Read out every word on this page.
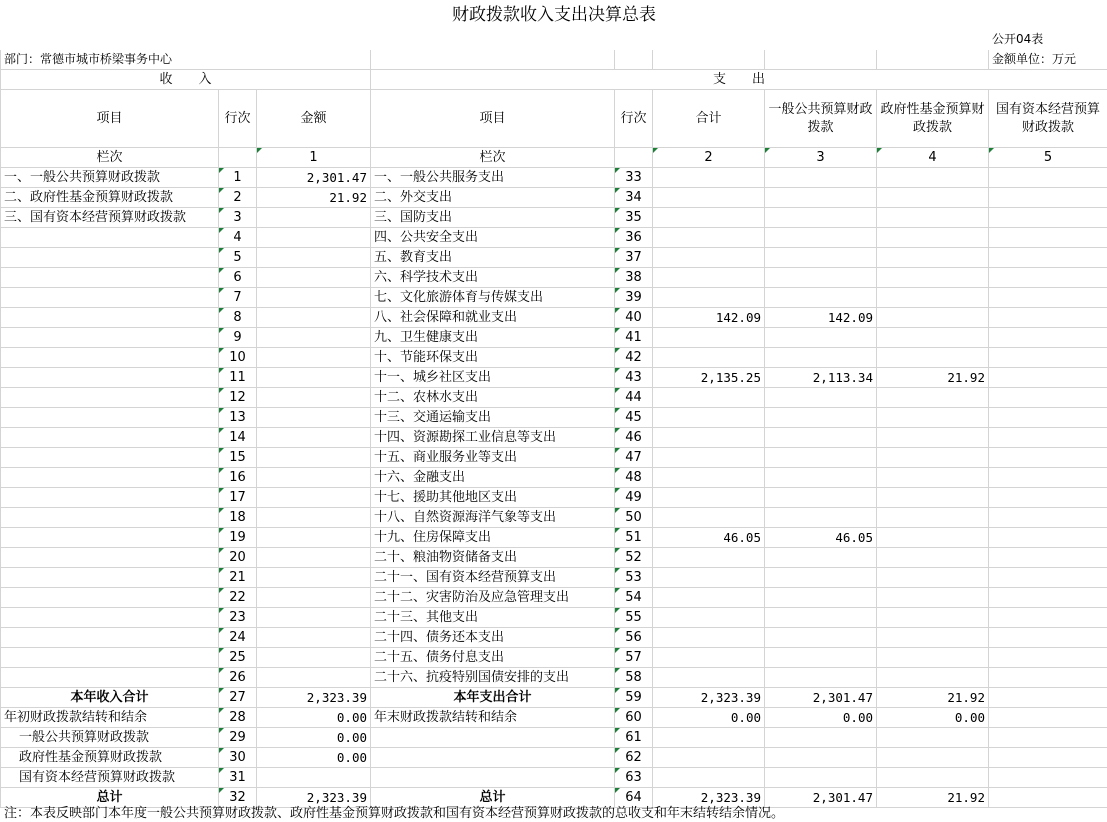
财政拨款收入支出决算总表								
								公开04表
部门：常德市城市桥梁事务中心								金额单位：万元
收　　入			支　　出					
项目	行次	金额	项目	行次	合计	一般公共预算财政拨款	政府性基金预算财政拨款	国有资本经营预算财政拨款
栏次		1	栏次		2	3	4	5
一、一般公共预算财政拨款	1	2,301.47	一、一般公共服务支出	33				
二、政府性基金预算财政拨款	2	21.92	二、外交支出	34				
三、国有资本经营预算财政拨款	3		三、国防支出	35				
	4		四、公共安全支出	36				
	5		五、教育支出	37				
	6		六、科学技术支出	38				
	7		七、文化旅游体育与传媒支出	39				
	8		八、社会保障和就业支出	40	142.09	142.09		
	9		九、卫生健康支出	41				
	10		十、节能环保支出	42				
	11		十一、城乡社区支出	43	2,135.25	2,113.34	21.92	
	12		十二、农林水支出	44				
	13		十三、交通运输支出	45				
	14		十四、资源勘探工业信息等支出	46				
	15		十五、商业服务业等支出	47				
	16		十六、金融支出	48				
	17		十七、援助其他地区支出	49				
	18		十八、自然资源海洋气象等支出	50				
	19		十九、住房保障支出	51	46.05	46.05		
	20		二十、粮油物资储备支出	52				
	21		二十一、国有资本经营预算支出	53				
	22		二十二、灾害防治及应急管理支出	54				
	23		二十三、其他支出	55				
	24		二十四、债务还本支出	56				
	25		二十五、债务付息支出	57				
	26		二十六、抗疫特别国债安排的支出	58				
本年收入合计	27	2,323.39	本年支出合计	59	2,323.39	2,301.47	21.92	
年初财政拨款结转和结余	28	0.00	年末财政拨款结转和结余	60	0.00	0.00	0.00	
一般公共预算财政拨款	29	0.00		61				
政府性基金预算财政拨款	30	0.00		62				
国有资本经营预算财政拨款	31			63				
总计	32	2,323.39	总计	64	2,323.39	2,301.47	21.92	
注：本表反映部门本年度一般公共预算财政拨款、政府性基金预算财政拨款和国有资本经营预算财政拨款的总收支和年末结转结余情况。
